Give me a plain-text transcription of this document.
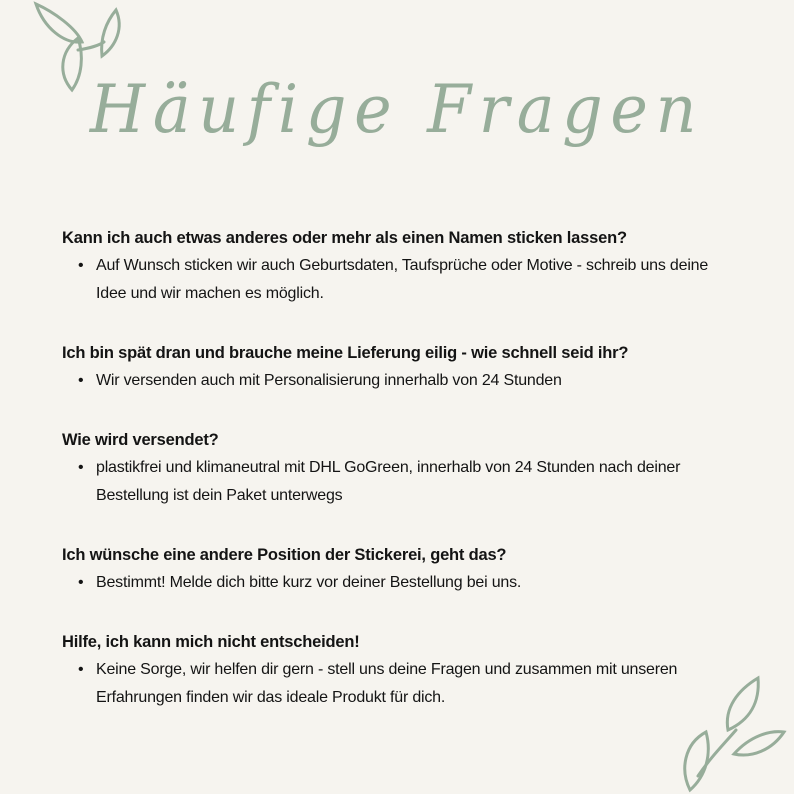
Häufige Fragen

Kann ich auch etwas anderes oder mehr als einen Namen sticken lassen?

• Auf Wunsch sticken wir auch Geburtsdaten, Taufsprüche oder Motive - schreib uns deine Idee und wir machen es möglich.

Ich bin spät dran und brauche meine Lieferung eilig - wie schnell seid ihr?

• Wir versenden auch mit Personalisierung innerhalb von 24 Stunden

Wie wird versendet?

• plastikfrei und klimaneutral mit DHL GoGreen, innerhalb von 24 Stunden nach deiner Bestellung ist dein Paket unterwegs

Ich wünsche eine andere Position der Stickerei, geht das?

• Bestimmt! Melde dich bitte kurz vor deiner Bestellung bei uns.

Hilfe, ich kann mich nicht entscheiden!

• Keine Sorge, wir helfen dir gern - stell uns deine Fragen und zusammen mit unseren Erfahrungen finden wir das ideale Produkt für dich.
